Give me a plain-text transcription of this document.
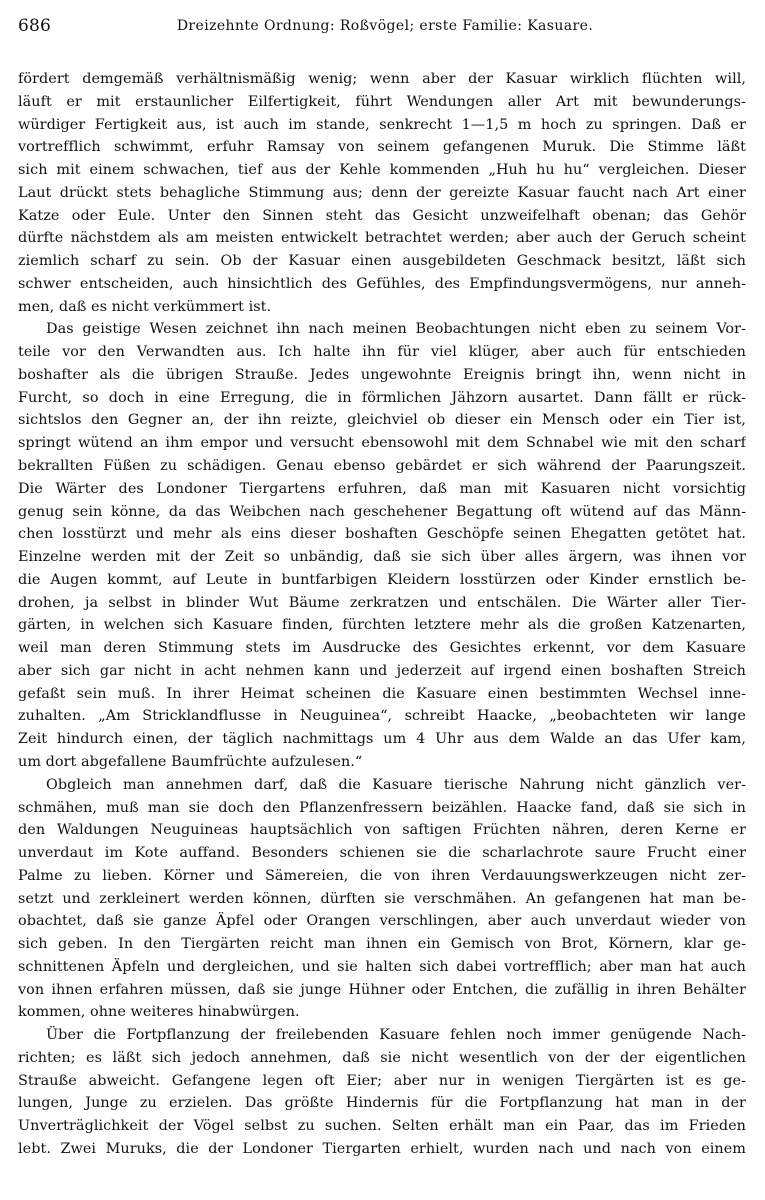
686	Dreizehnte Ordnung: Roßvögel; erste Familie: Kasuare.
fördert demgemäß verhältnismäßig wenig; wenn aber der Kasuar wirklich flüchten will,
läuft er mit erstaunlicher Eilfertigkeit, führt Wendungen aller Art mit bewunderungs-
würdiger Fertigkeit aus, ist auch im stande, senkrecht 1—1,5 m hoch zu springen. Daß er
vortrefflich schwimmt, erfuhr Ramsay von seinem gefangenen Muruk. Die Stimme läßt
sich mit einem schwachen, tief aus der Kehle kommenden „Huh hu hu“ vergleichen. Dieser
Laut drückt stets behagliche Stimmung aus; denn der gereizte Kasuar faucht nach Art einer
Katze oder Eule. Unter den Sinnen steht das Gesicht unzweifelhaft obenan; das Gehör
dürfte nächstdem als am meisten entwickelt betrachtet werden; aber auch der Geruch scheint
ziemlich scharf zu sein. Ob der Kasuar einen ausgebildeten Geschmack besitzt, läßt sich
schwer entscheiden, auch hinsichtlich des Gefühles, des Empfindungsvermögens, nur anneh-
men, daß es nicht verkümmert ist.
Das geistige Wesen zeichnet ihn nach meinen Beobachtungen nicht eben zu seinem Vor-
teile vor den Verwandten aus. Ich halte ihn für viel klüger, aber auch für entschieden
boshafter als die übrigen Strauße. Jedes ungewohnte Ereignis bringt ihn, wenn nicht in
Furcht, so doch in eine Erregung, die in förmlichen Jähzorn ausartet. Dann fällt er rück-
sichtslos den Gegner an, der ihn reizte, gleichviel ob dieser ein Mensch oder ein Tier ist,
springt wütend an ihm empor und versucht ebensowohl mit dem Schnabel wie mit den scharf
bekrallten Füßen zu schädigen. Genau ebenso gebärdet er sich während der Paarungszeit.
Die Wärter des Londoner Tiergartens erfuhren, daß man mit Kasuaren nicht vorsichtig
genug sein könne, da das Weibchen nach geschehener Begattung oft wütend auf das Männ-
chen losstürzt und mehr als eins dieser boshaften Geschöpfe seinen Ehegatten getötet hat.
Einzelne werden mit der Zeit so unbändig, daß sie sich über alles ärgern, was ihnen vor
die Augen kommt, auf Leute in buntfarbigen Kleidern losstürzen oder Kinder ernstlich be-
drohen, ja selbst in blinder Wut Bäume zerkratzen und entschälen. Die Wärter aller Tier-
gärten, in welchen sich Kasuare finden, fürchten letztere mehr als die großen Katzenarten,
weil man deren Stimmung stets im Ausdrucke des Gesichtes erkennt, vor dem Kasuare
aber sich gar nicht in acht nehmen kann und jederzeit auf irgend einen boshaften Streich
gefaßt sein muß. In ihrer Heimat scheinen die Kasuare einen bestimmten Wechsel inne-
zuhalten. „Am Stricklandflusse in Neuguinea“, schreibt Haacke, „beobachteten wir lange
Zeit hindurch einen, der täglich nachmittags um 4 Uhr aus dem Walde an das Ufer kam,
um dort abgefallene Baumfrüchte aufzulesen.“
Obgleich man annehmen darf, daß die Kasuare tierische Nahrung nicht gänzlich ver-
schmähen, muß man sie doch den Pflanzenfressern beizählen. Haacke fand, daß sie sich in
den Waldungen Neuguineas hauptsächlich von saftigen Früchten nähren, deren Kerne er
unverdaut im Kote auffand. Besonders schienen sie die scharlachrote saure Frucht einer
Palme zu lieben. Körner und Sämereien, die von ihren Verdauungswerkzeugen nicht zer-
setzt und zerkleinert werden können, dürften sie verschmähen. An gefangenen hat man be-
obachtet, daß sie ganze Äpfel oder Orangen verschlingen, aber auch unverdaut wieder von
sich geben. In den Tiergärten reicht man ihnen ein Gemisch von Brot, Körnern, klar ge-
schnittenen Äpfeln und dergleichen, und sie halten sich dabei vortrefflich; aber man hat auch
von ihnen erfahren müssen, daß sie junge Hühner oder Entchen, die zufällig in ihren Behälter
kommen, ohne weiteres hinabwürgen.
Über die Fortpflanzung der freilebenden Kasuare fehlen noch immer genügende Nach-
richten; es läßt sich jedoch annehmen, daß sie nicht wesentlich von der der eigentlichen
Strauße abweicht. Gefangene legen oft Eier; aber nur in wenigen Tiergärten ist es ge-
lungen, Junge zu erzielen. Das größte Hindernis für die Fortpflanzung hat man in der
Unverträglichkeit der Vögel selbst zu suchen. Selten erhält man ein Paar, das im Frieden
lebt. Zwei Muruks, die der Londoner Tiergarten erhielt, wurden nach und nach von einem
